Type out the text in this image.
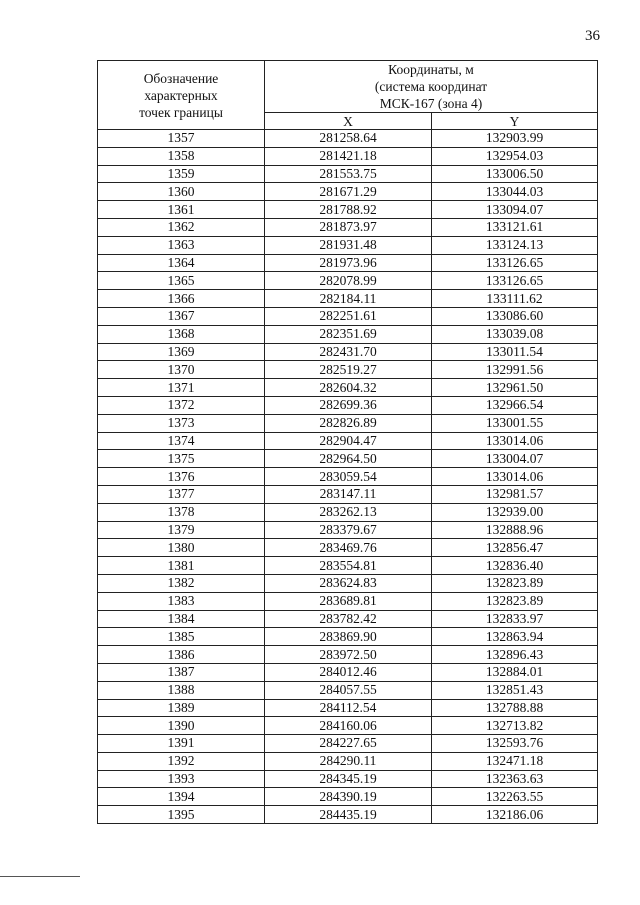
36
Обозначение
характерных
точек границы	Координаты, м
(система координат
МСК-167 (зона 4)	

	X	Y
1357	281258.64	132903.99
1358	281421.18	132954.03
1359	281553.75	133006.50
1360	281671.29	133044.03
1361	281788.92	133094.07
1362	281873.97	133121.61
1363	281931.48	133124.13
1364	281973.96	133126.65
1365	282078.99	133126.65
1366	282184.11	133111.62
1367	282251.61	133086.60
1368	282351.69	133039.08
1369	282431.70	133011.54
1370	282519.27	132991.56
1371	282604.32	132961.50
1372	282699.36	132966.54
1373	282826.89	133001.55
1374	282904.47	133014.06
1375	282964.50	133004.07
1376	283059.54	133014.06
1377	283147.11	132981.57
1378	283262.13	132939.00
1379	283379.67	132888.96
1380	283469.76	132856.47
1381	283554.81	132836.40
1382	283624.83	132823.89
1383	283689.81	132823.89
1384	283782.42	132833.97
1385	283869.90	132863.94
1386	283972.50	132896.43
1387	284012.46	132884.01
1388	284057.55	132851.43
1389	284112.54	132788.88
1390	284160.06	132713.82
1391	284227.65	132593.76
1392	284290.11	132471.18
1393	284345.19	132363.63
1394	284390.19	132263.55
1395	284435.19	132186.06
